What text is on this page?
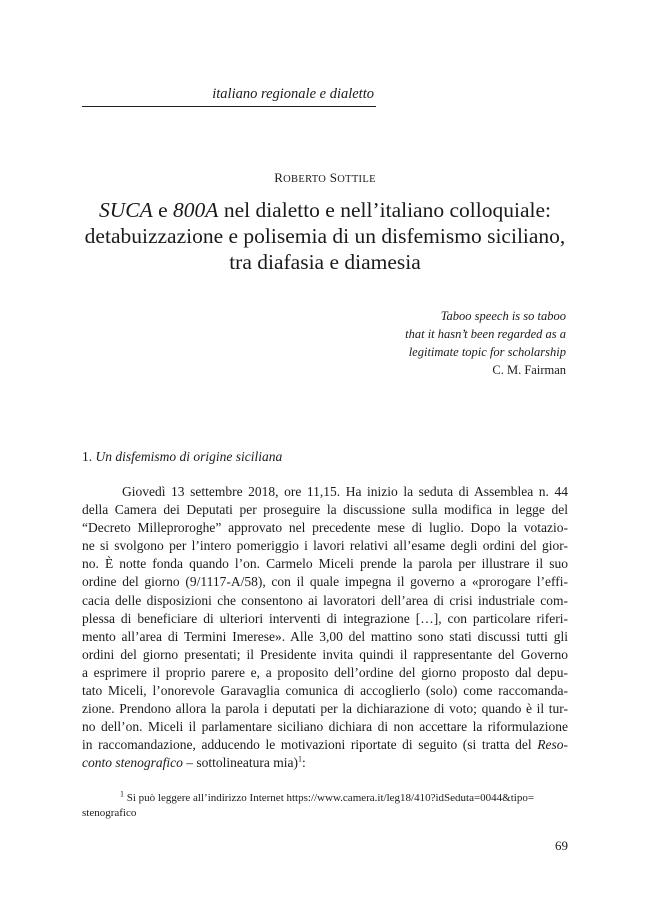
italiano regionale e dialetto
ROBERTO SOTTILE
SUCA e 800A nel dialetto e nell’italiano colloquiale:
detabuizzazione e polisemia di un disfemismo siciliano,
tra diafasia e diamesia
Taboo speech is so taboo
that it hasn’t been regarded as a
legitimate topic for scholarship
C. M. Fairman
1. Un disfemismo di origine siciliana
Giovedì 13 settembre 2018, ore 11,15. Ha inizio la seduta di Assemblea n. 44
della Camera dei Deputati per proseguire la discussione sulla modifica in legge del
“Decreto Milleproroghe” approvato nel precedente mese di luglio. Dopo la votazio-
ne si svolgono per l’intero pomeriggio i lavori relativi all’esame degli ordini del gior-
no. È notte fonda quando l’on. Carmelo Miceli prende la parola per illustrare il suo
ordine del giorno (9/1117-A/58), con il quale impegna il governo a «prorogare l’effi-
cacia delle disposizioni che consentono ai lavoratori dell’area di crisi industriale com-
plessa di beneficiare di ulteriori interventi di integrazione […], con particolare riferi-
mento all’area di Termini Imerese». Alle 3,00 del mattino sono stati discussi tutti gli
ordini del giorno presentati; il Presidente invita quindi il rappresentante del Governo
a esprimere il proprio parere e, a proposito dell’ordine del giorno proposto dal depu-
tato Miceli, l’onorevole Garavaglia comunica di accoglierlo (solo) come raccomanda-
zione. Prendono allora la parola i deputati per la dichiarazione di voto; quando è il tur-
no dell’on. Miceli il parlamentare siciliano dichiara di non accettare la riformulazione
in raccomandazione, adducendo le motivazioni riportate di seguito (si tratta del Reso-
conto stenografico – sottolineatura mia)$^1$:
$^1$ Si può leggere all’indirizzo Internet https://www.camera.it/leg18/410?idSeduta=0044&tipo=
stenografico
69
